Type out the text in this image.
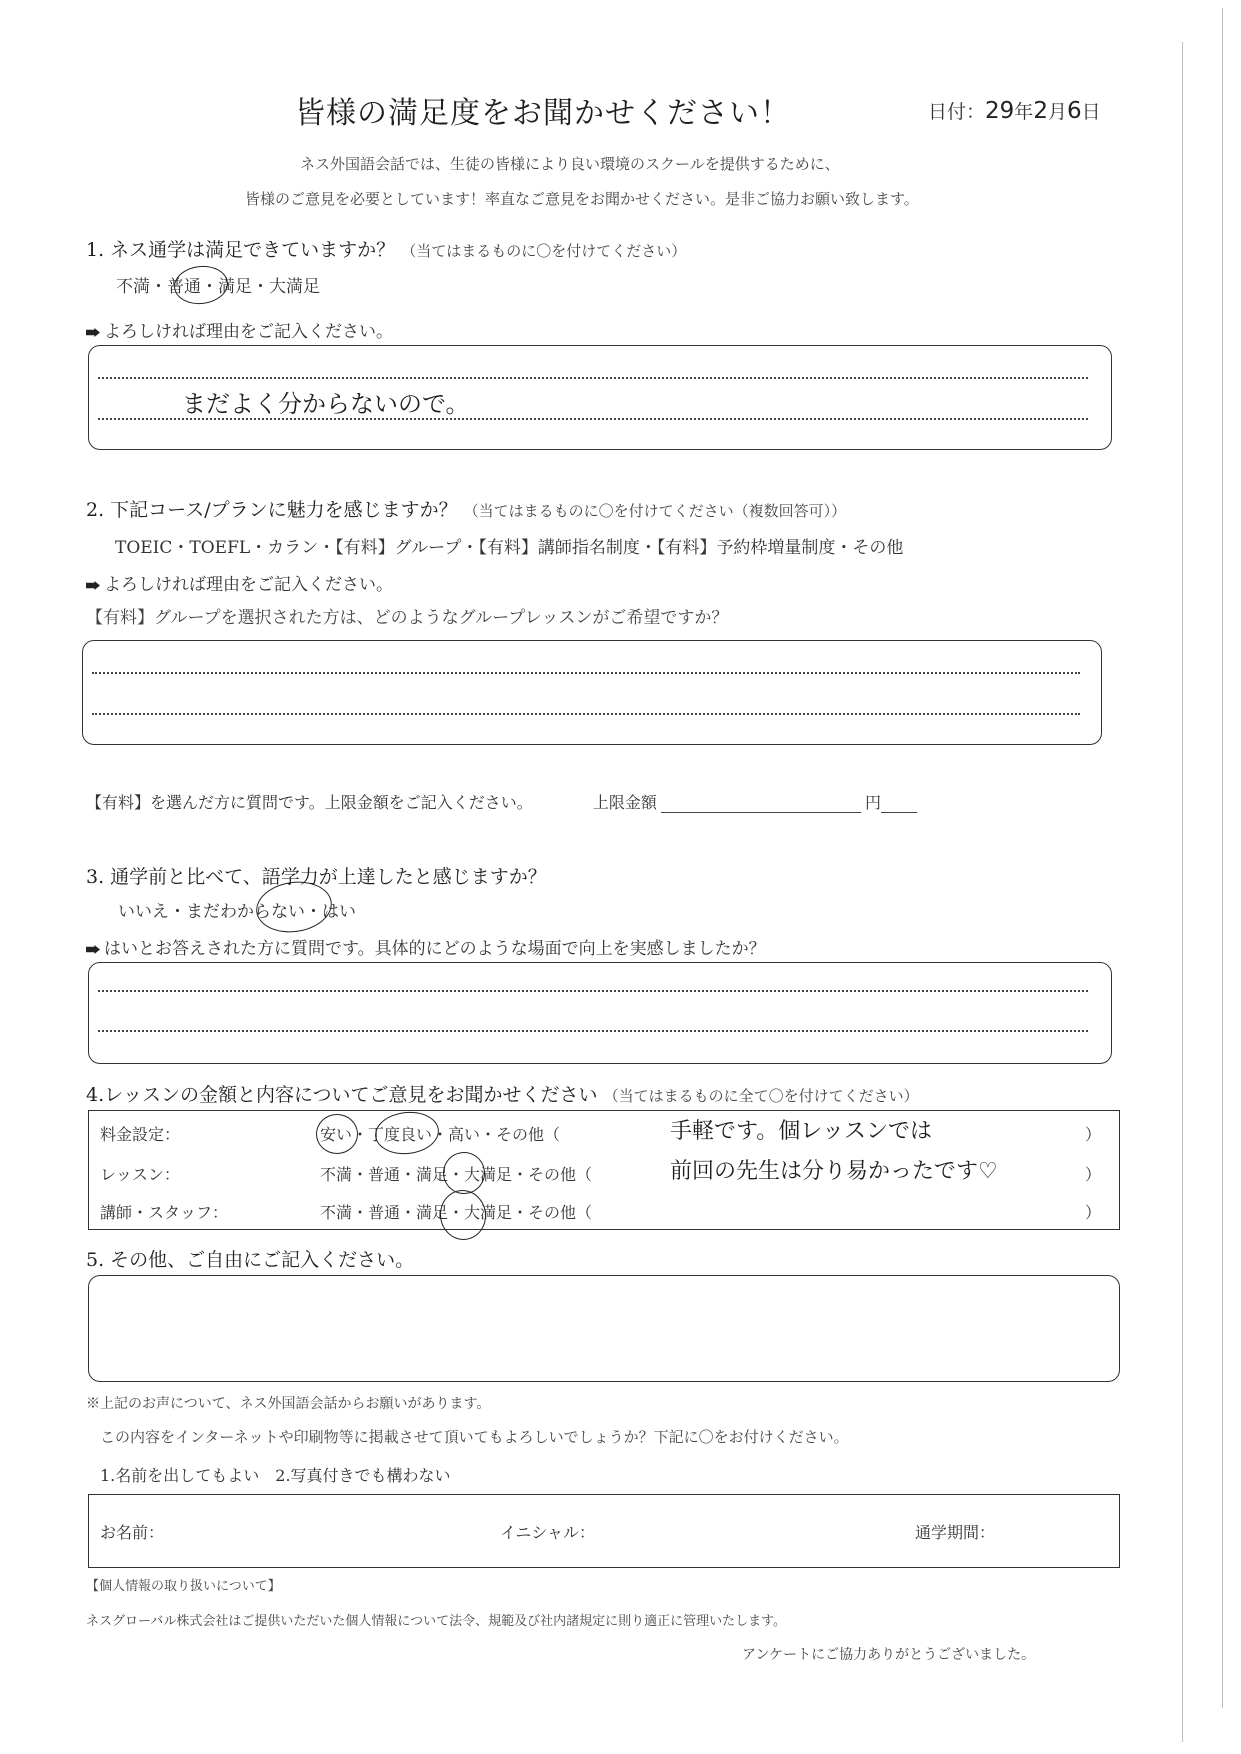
皆様の満足度をお聞かせください！	日付：29年2月6日
ネス外国語会話では、生徒の皆様により良い環境のスクールを提供するために、
皆様のご意見を必要としています！率直なご意見をお聞かせください。是非ご協力お願い致します。
1. ネス通学は満足できていますか？ （当てはまるものに〇を付けてください）
不満・普通・満足・大満足
よろしければ理由をご記入ください。
まだよく分からないので。
2. 下記コース/プランに魅力を感じますか？ （当てはまるものに〇を付けてください（複数回答可））
TOEIC・TOEFL・カラン・【有料】グループ・【有料】講師指名制度・【有料】予約枠増量制度・その他
よろしければ理由をご記入ください。
【有料】グループを選択された方は、どのようなグループレッスンがご希望ですか？
【有料】を選んだ方に質問です。上限金額をご記入ください。	上限金額	円
3. 通学前と比べて、語学力が上達したと感じますか？
いいえ・まだわからない・はい
はいとお答えされた方に質問です。具体的にどのような場面で向上を実感しましたか？
4.レッスンの金額と内容についてご意見をお聞かせください （当てはまるものに全て〇を付けてください）
料金設定：	安い・丁度良い・高い・その他（	手軽です。個レッスンでは	）
レッスン：	不満・普通・満足・大満足・その他（	前回の先生は分り易かったです♡	）
講師・スタッフ：	不満・普通・満足・大満足・その他（	）
5. その他、ご自由にご記入ください。
※上記のお声について、ネス外国語会話からお願いがあります。
この内容をインターネットや印刷物等に掲載させて頂いてもよろしいでしょうか？下記に〇をお付けください。
1.名前を出してもよい　2.写真付きでも構わない
お名前：	イニシャル：	通学期間：
【個人情報の取り扱いについて】
ネスグローバル株式会社はご提供いただいた個人情報について法令、規範及び社内諸規定に則り適正に管理いたします。
アンケートにご協力ありがとうございました。
